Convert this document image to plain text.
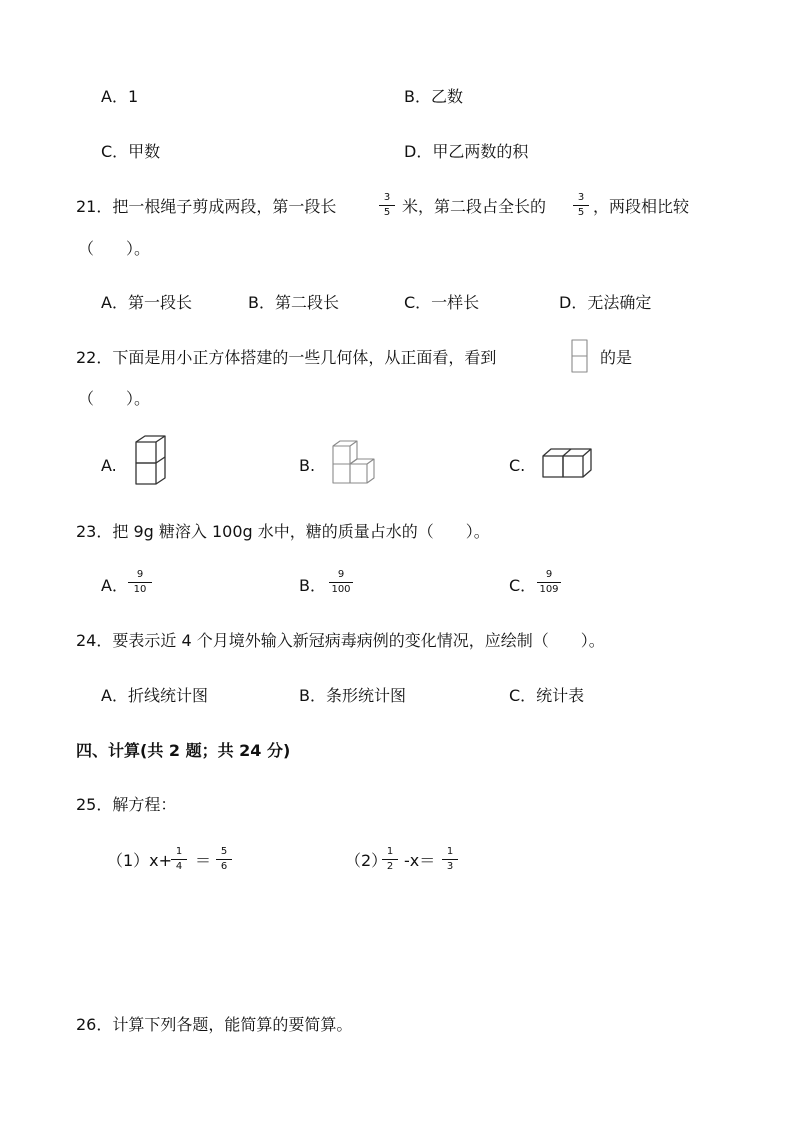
A．1	B．乙数
C．甲数	D．甲乙两数的积
21．把一根绳子剪成两段，第一段长	3
5 米，第二段占全长的	3
5 ，两段相比较
（　　）。
A．第一段长	B．第二段长	C．一样长	D．无法确定
22．下面是用小正方体搭建的一些几何体，从正面看，看到	的是
（　　）。
A.	B.	C.
23．把 9g 糖溶入 100g 水中，糖的质量占水的（　　）。
A．
9
10	B．
9
100	C．
9
109
24．要表示近 4 个月境外输入新冠病毒病例的变化情况，应绘制（　　）。
A．折线统计图	B．条形统计图	C．统计表
四、计算(共 2 题；共 24 分)
25．解方程：
（1）x+ 1
4 ＝ 5
6	（2） 1
2 -x＝	1
3
26．计算下列各题，能简算的要简算。
